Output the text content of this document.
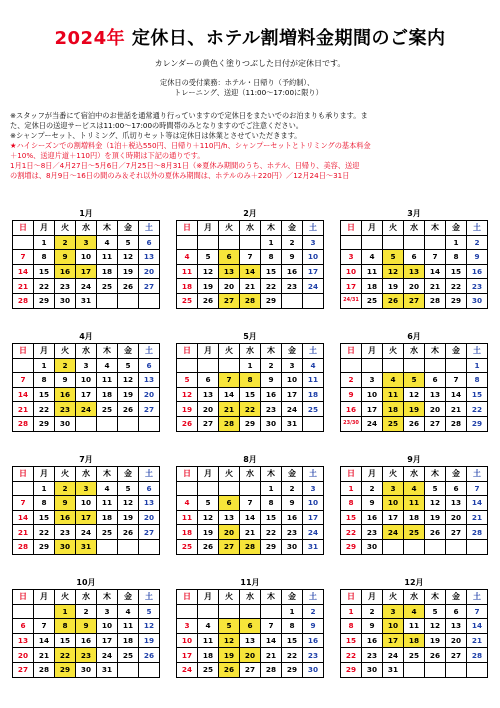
2024年 定休日、ホテル割増料金期間のご案内
カレンダーの黄色く塗りつぶした日付が定休日です。
定休日の受付業務：ホテル・日帰り（予約制）、
トレーニング、送迎（11:00〜17:00に限り）
※スタッフが当番にて宿泊中のお世話を通常通り行っていますので定休日をまたいでのお泊まりも承ります。ま
た、定休日の送迎サービスは11:00〜17:00の時間帯のみとなりますのでご注意ください。
※シャンプーセット、トリミング、爪切りセット等は定休日は休業とさせていただきます。
★ハイシーズンでの割増料金（1泊＋税込550円、日帰り＋110円/h、シャンプーセットとトリミングの基本料金
＋10%、送迎片道＋110円）を頂く時期は下記の通りです。
1月1日〜8日／4月27日〜5月6日／7月25日〜8月31日（※夏休み期間のうち、ホテル、日帰り、美容、送迎
の割増は、8月9日〜16日の間のみ＆それ以外の夏休み期間は、ホテルのみ＋220円）／12月24日〜31日
1月
日	月	火	水	木	金	土
	1	2	3	4	5	6
7	8	9	10	11	12	13
14	15	16	17	18	19	20
21	22	23	24	25	26	27
28	29	30	31			
2月
日	月	火	水	木	金	土
				1	2	3
4	5	6	7	8	9	10
11	12	13	14	15	16	17
18	19	20	21	22	23	24
25	26	27	28	29		
3月
日	月	火	水	木	金	土
					1	2
3	4	5	6	7	8	9
10	11	12	13	14	15	16
17	18	19	20	21	22	23
24/31	25	26	27	28	29	30
4月
日	月	火	水	木	金	土
	1	2	3	4	5	6
7	8	9	10	11	12	13
14	15	16	17	18	19	20
21	22	23	24	25	26	27
28	29	30				
5月
日	月	火	水	木	金	土
			1	2	3	4
5	6	7	8	9	10	11
12	13	14	15	16	17	18
19	20	21	22	23	24	25
26	27	28	29	30	31	
6月
日	月	火	水	木	金	土
						1
2	3	4	5	6	7	8
9	10	11	12	13	14	15
16	17	18	19	20	21	22
23/30	24	25	26	27	28	29
7月
日	月	火	水	木	金	土
	1	2	3	4	5	6
7	8	9	10	11	12	13
14	15	16	17	18	19	20
21	22	23	24	25	26	27
28	29	30	31			
8月
日	月	火	水	木	金	土
				1	2	3
4	5	6	7	8	9	10
11	12	13	14	15	16	17
18	19	20	21	22	23	24
25	26	27	28	29	30	31
9月
日	月	火	水	木	金	土
1	2	3	4	5	6	7
8	9	10	11	12	13	14
15	16	17	18	19	20	21
22	23	24	25	26	27	28
29	30					
10月
日	月	火	水	木	金	土
		1	2	3	4	5
6	7	8	9	10	11	12
13	14	15	16	17	18	19
20	21	22	23	24	25	26
27	28	29	30	31		
11月
日	月	火	水	木	金	土
					1	2
3	4	5	6	7	8	9
10	11	12	13	14	15	16
17	18	19	20	21	22	23
24	25	26	27	28	29	30
12月
日	月	火	水	木	金	土
1	2	3	4	5	6	7
8	9	10	11	12	13	14
15	16	17	18	19	20	21
22	23	24	25	26	27	28
29	30	31				
